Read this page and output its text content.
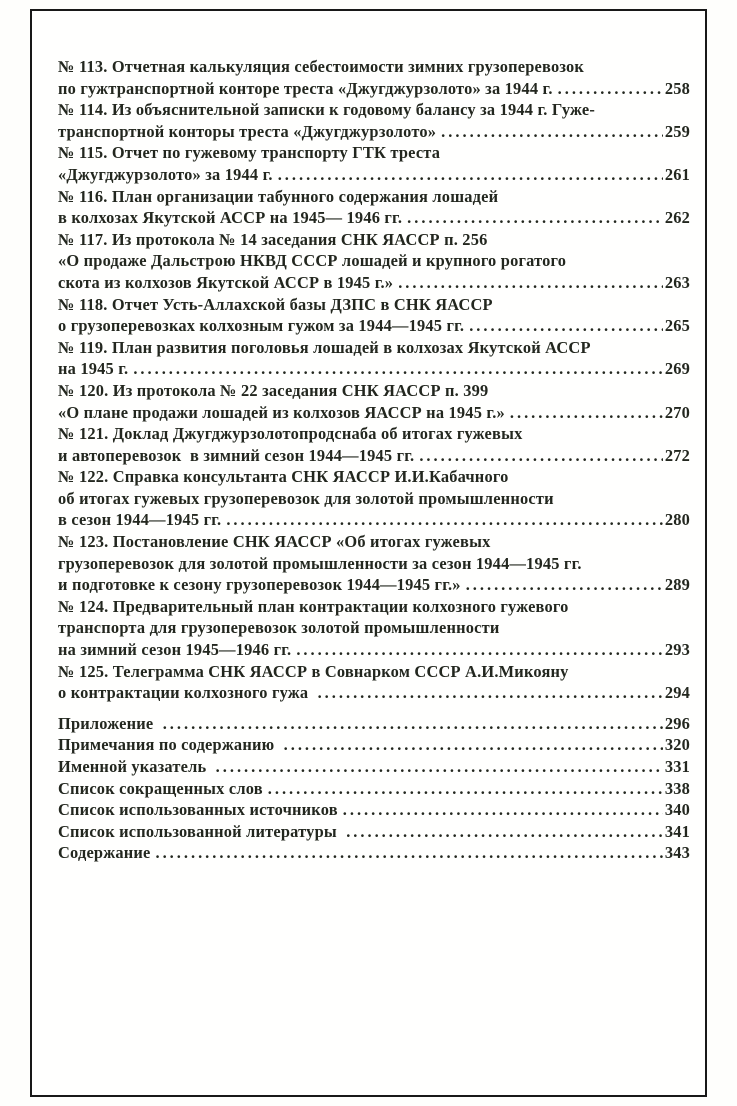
№ 113. Отчетная калькуляция себестоимости зимних грузоперевозок
по гужтранспортной конторе треста «Джугджурзолото» за 1944 г. .....	258
№ 114. Из объяснительной записки к годовому балансу за 1944 г. Гуже-
транспортной конторы треста «Джугджурзолото» .....	259
№ 115. Отчет по гужевому транспорту ГТК треста
«Джугджурзолото» за 1944 г. .....	261
№ 116. План организации табунного содержания лошадей
в колхозах Якутской АССР на 1945— 1946 гг. .....	262
№ 117. Из протокола № 14 заседания СНК ЯАССР п. 256
«О продаже Дальстрою НКВД СССР лошадей и крупного рогатого
скота из колхозов Якутской АССР в 1945 г.» .....	263
№ 118. Отчет Усть-Аллахской базы ДЗПС в СНК ЯАССР
о грузоперевозках колхозным гужом за 1944—1945 гг. .....	265
№ 119. План развития поголовья лошадей в колхозах Якутской АССР
на 1945 г. .....	269
№ 120. Из протокола № 22 заседания СНК ЯАССР п. 399
«О плане продажи лошадей из колхозов ЯАССР на 1945 г.» .....	270
№ 121. Доклад Джугджурзолотопродснаба об итогах гужевых
и автоперевозок  в зимний сезон 1944—1945 гг. .....	272
№ 122. Справка консультанта СНК ЯАССР И.И.Кабачного
об итогах гужевых грузоперевозок для золотой промышленности
в сезон 1944—1945 гг. .....	280
№ 123. Постановление СНК ЯАССР «Об итогах гужевых
грузоперевозок для золотой промышленности за сезон 1944—1945 гг.
и подготовке к сезону грузоперевозок 1944—1945 гг.» .....	289
№ 124. Предварительный план контрактации колхозного гужевого
транспорта для грузоперевозок золотой промышленности
на зимний сезон 1945—1946 гг. .....	293
№ 125. Телеграмма СНК ЯАССР в Совнарком СССР А.И.Микояну
о контрактации колхозного гужа .....	294
Приложение .....	296
Примечания по содержанию .....	320
Именной указатель .....	331
Список сокращенных слов .....	338
Список использованных источников .....	340
Список использованной литературы .....	341
Содержание .....	343
